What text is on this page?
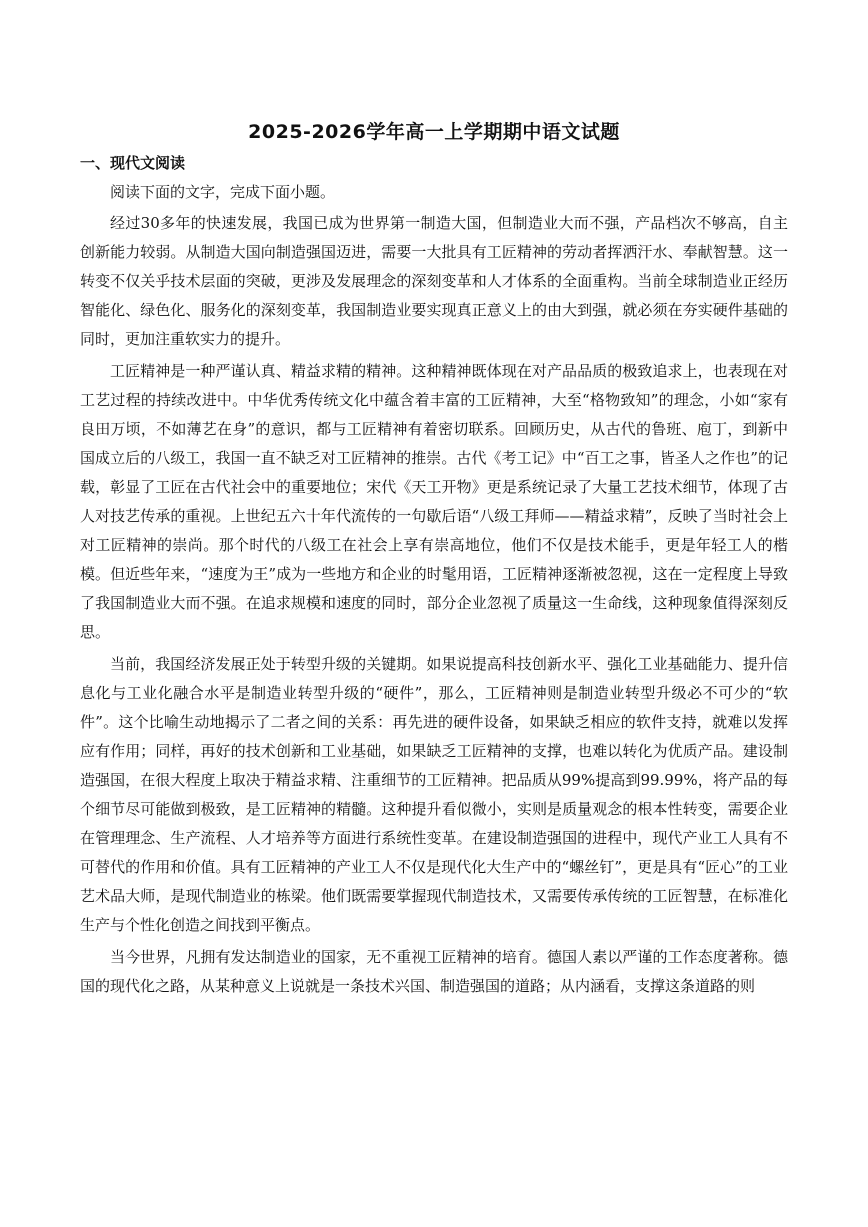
2025-2026学年高一上学期期中语文试题
一、现代文阅读

阅读下面的文字，完成下面小题。

经过30多年的快速发展，我国已成为世界第一制造大国，但制造业大而不强，产品档次不够高，自主创新能力较弱。从制造大国向制造强国迈进，需要一大批具有工匠精神的劳动者挥洒汗水、奉献智慧。这一转变不仅关乎技术层面的突破，更涉及发展理念的深刻变革和人才体系的全面重构。当前全球制造业正经历智能化、绿色化、服务化的深刻变革，我国制造业要实现真正意义上的由大到强，就必须在夯实硬件基础的同时，更加注重软实力的提升。

工匠精神是一种严谨认真、精益求精的精神。这种精神既体现在对产品品质的极致追求上，也表现在对工艺过程的持续改进中。中华优秀传统文化中蕴含着丰富的工匠精神，大至“格物致知”的理念，小如“家有良田万顷，不如薄艺在身”的意识，都与工匠精神有着密切联系。回顾历史，从古代的鲁班、庖丁，到新中国成立后的八级工，我国一直不缺乏对工匠精神的推崇。古代《考工记》中“百工之事，皆圣人之作也”的记载，彰显了工匠在古代社会中的重要地位；宋代《天工开物》更是系统记录了大量工艺技术细节，体现了古人对技艺传承的重视。上世纪五六十年代流传的一句歇后语“八级工拜师——精益求精”，反映了当时社会上对工匠精神的崇尚。那个时代的八级工在社会上享有崇高地位，他们不仅是技术能手，更是年轻工人的楷模。但近些年来，“速度为王”成为一些地方和企业的时髦用语，工匠精神逐渐被忽视，这在一定程度上导致了我国制造业大而不强。在追求规模和速度的同时，部分企业忽视了质量这一生命线，这种现象值得深刻反思。

当前，我国经济发展正处于转型升级的关键期。如果说提高科技创新水平、强化工业基础能力、提升信息化与工业化融合水平是制造业转型升级的“硬件”，那么，工匠精神则是制造业转型升级必不可少的“软件”。这个比喻生动地揭示了二者之间的关系：再先进的硬件设备，如果缺乏相应的软件支持，就难以发挥应有作用；同样，再好的技术创新和工业基础，如果缺乏工匠精神的支撑，也难以转化为优质产品。建设制造强国，在很大程度上取决于精益求精、注重细节的工匠精神。把品质从99%提高到99.99%，将产品的每个细节尽可能做到极致，是工匠精神的精髓。这种提升看似微小，实则是质量观念的根本性转变，需要企业在管理理念、生产流程、人才培养等方面进行系统性变革。在建设制造强国的进程中，现代产业工人具有不可替代的作用和价值。具有工匠精神的产业工人不仅是现代化大生产中的“螺丝钉”，更是具有“匠心”的工业艺术品大师，是现代制造业的栋梁。他们既需要掌握现代制造技术，又需要传承传统的工匠智慧，在标准化生产与个性化创造之间找到平衡点。

当今世界，凡拥有发达制造业的国家，无不重视工匠精神的培育。德国人素以严谨的工作态度著称。德国的现代化之路，从某种意义上说就是一条技术兴国、制造强国的道路；从内涵看，支撑这条道路的则
